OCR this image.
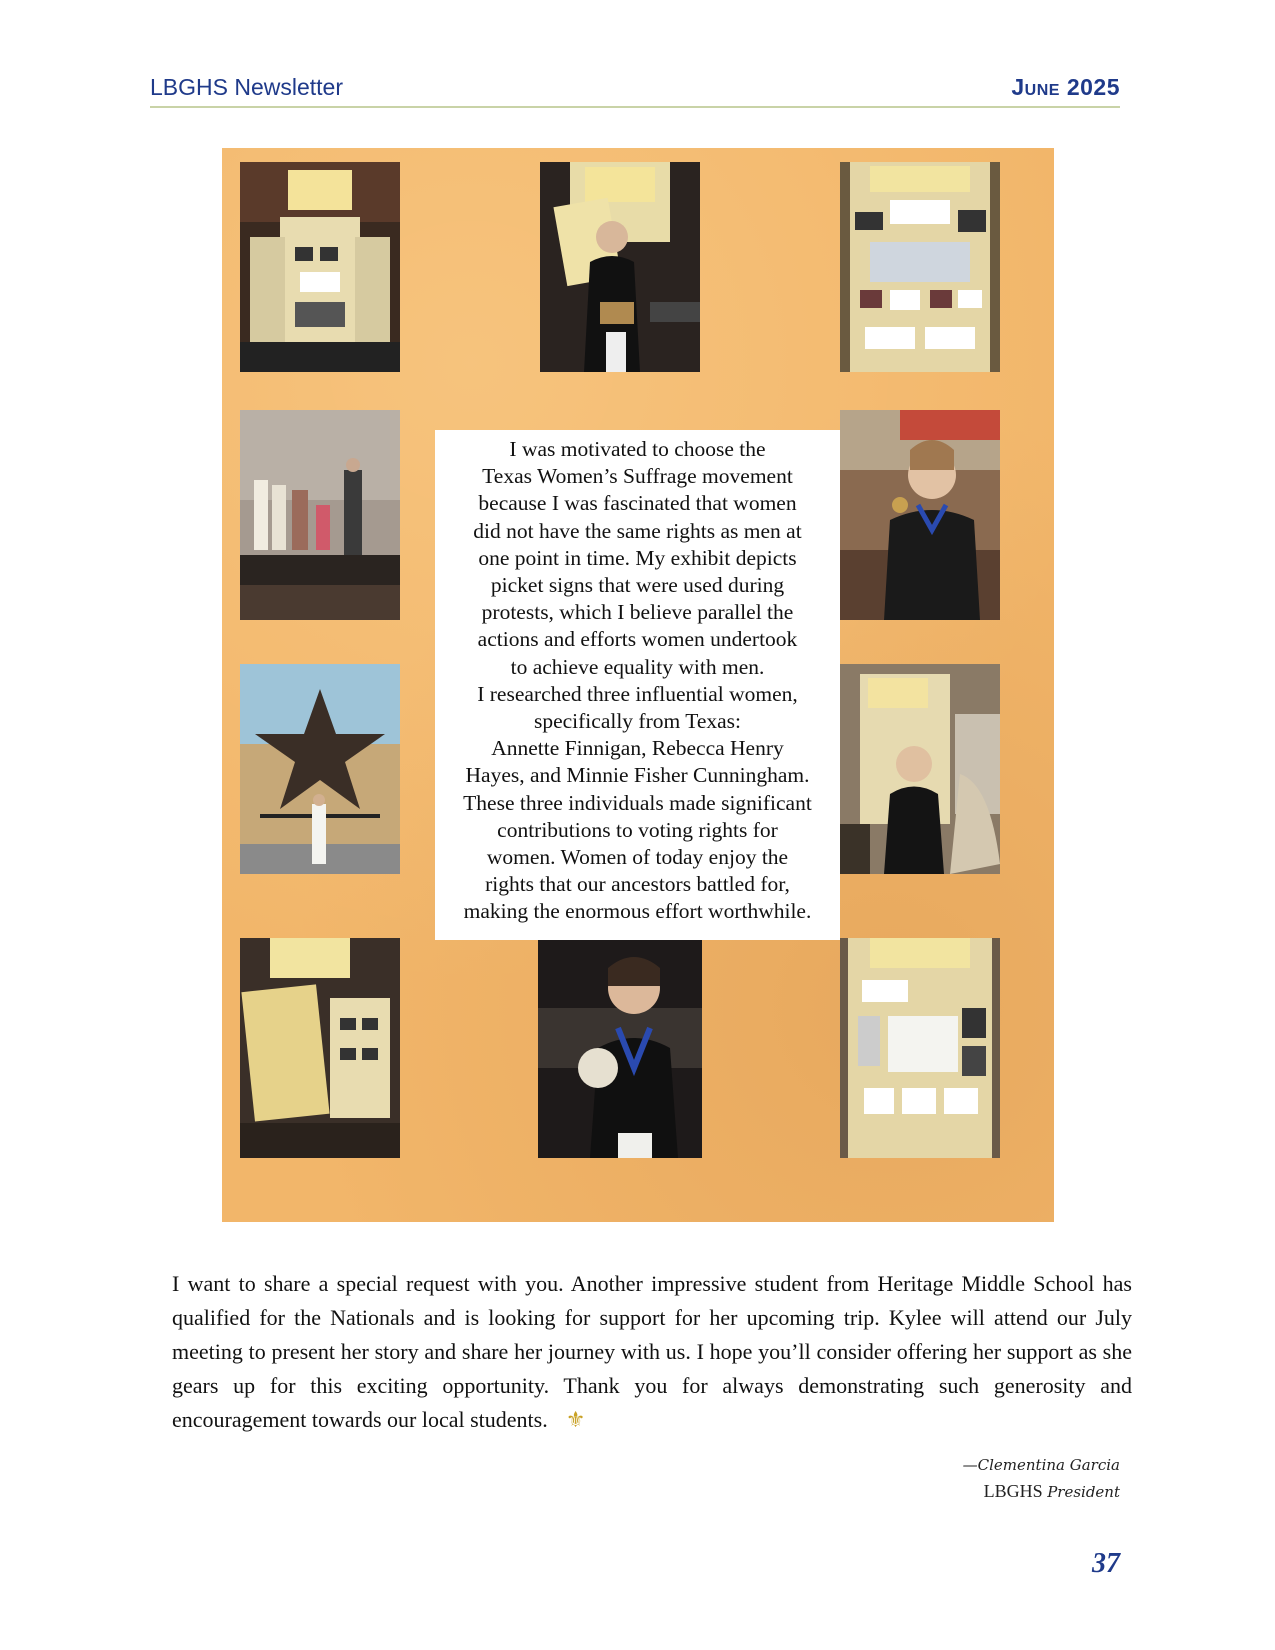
LBGHS Newsletter	June 2025

I was motivated to choose the
Texas Women’s Suffrage movement
because I was fascinated that women
did not have the same rights as men at
one point in time. My exhibit depicts
picket signs that were used during
protests, which I believe parallel the
actions and efforts women undertook
to achieve equality with men.
I researched three influential women,
specifically from Texas:
Annette Finnigan, Rebecca Henry
Hayes, and Minnie Fisher Cunningham.
These three individuals made significant
contributions to voting rights for
women. Women of today enjoy the
rights that our ancestors battled for,
making the enormous effort worthwhile.

I want to share a special request with you. Another impressive student from Heritage Middle School has qualified for the Nationals and is looking for support for her upcoming trip. Kylee will attend our July meeting to present her story and share her journey with us. I hope you’ll consider offering her support as she gears up for this exciting opportunity. Thank you for always demonstrating such generosity and encouragement towards our local students. ⚜

—Clementina Garcia
LBGHS President
37
